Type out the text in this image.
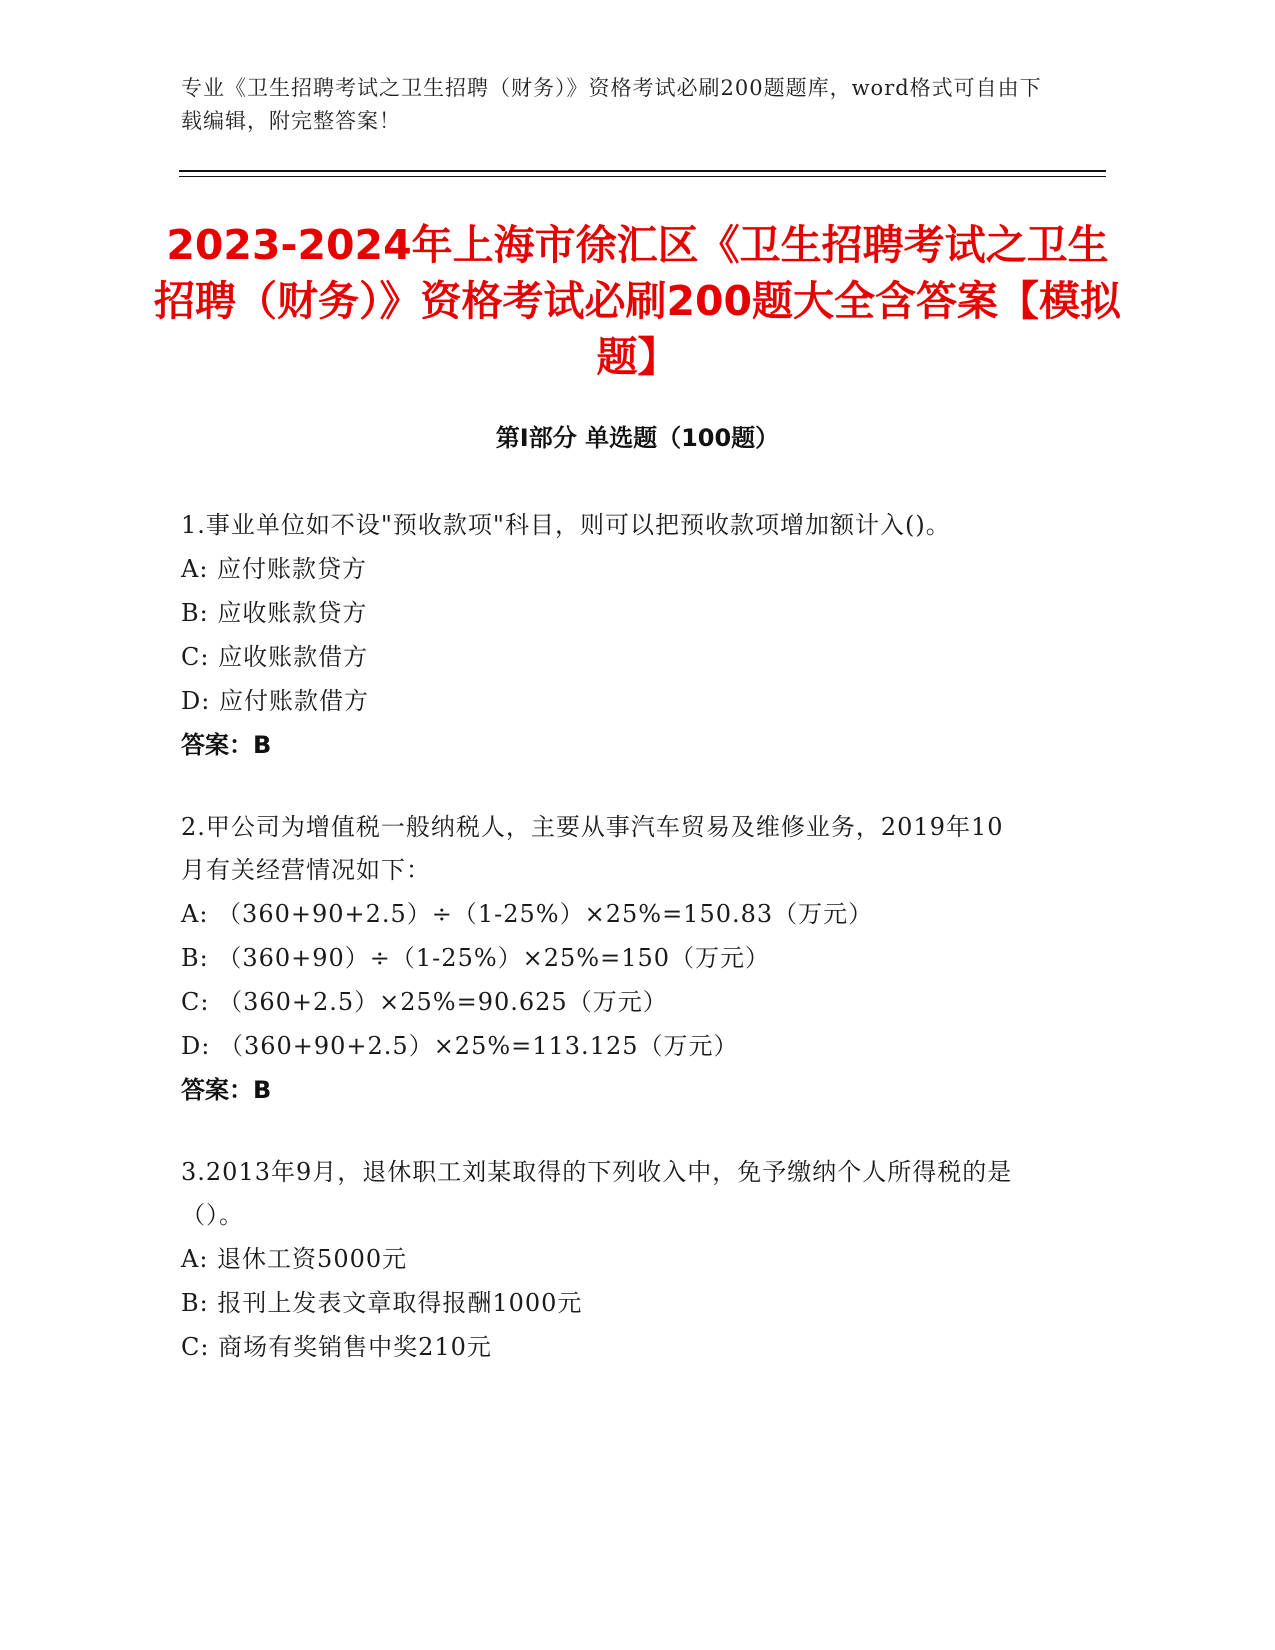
专业《卫生招聘考试之卫生招聘（财务）》资格考试必刷200题题库，word格式可自由下载编辑，附完整答案！
2023-2024年上海市徐汇区《卫生招聘考试之卫生招聘（财务）》资格考试必刷200题大全含答案【模拟题】
第I部分 单选题（100题）
1.事业单位如不设"预收款项"科目，则可以把预收款项增加额计入()。
A: 应付账款贷方
B: 应收账款贷方
C: 应收账款借方
D: 应付账款借方
答案：B
2.甲公司为增值税一般纳税人，主要从事汽车贸易及维修业务，2019年10月有关经营情况如下：
A: （360+90+2.5）÷（1-25%）×25%=150.83（万元）
B: （360+90）÷（1-25%）×25%=150（万元）
C: （360+2.5）×25%=90.625（万元）
D: （360+90+2.5）×25%=113.125（万元）
答案：B
3.2013年9月，退休职工刘某取得的下列收入中，免予缴纳个人所得税的是（）。
A: 退休工资5000元
B: 报刊上发表文章取得报酬1000元
C: 商场有奖销售中奖210元
